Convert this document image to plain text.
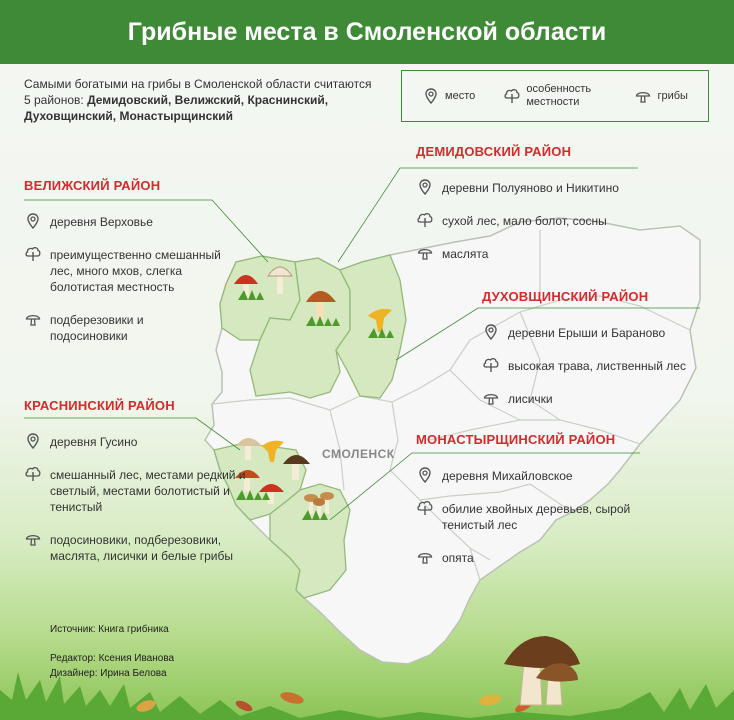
Грибные места в Смоленской области
Самыми богатыми на грибы в Смоленской области считаются 5 районов: Демидовский, Велижский, Краснинский, Духовщинский, Монастырщинский
место
особенность местности
грибы
СМОЛЕНСК
ВЕЛИЖСКИЙ РАЙОН
деревня Верховье
преимущественно смешанный лес, много мхов, слегка болотистая местность
подберезовики и подосиновики
ДЕМИДОВСКИЙ РАЙОН
деревни Полуяново и Никитино
сухой лес, мало болот, сосны
маслята
ДУХОВЩИНСКИЙ РАЙОН
деревни Ерыши и Бараново
высокая трава, лиственный лес
лисички
КРАСНИНСКИЙ РАЙОН
деревня Гусино
смешанный лес, местами редкий и светлый, местами болотистый и тенистый
подосиновики, подберезовики, маслята, лисички и белые грибы
МОНАСТЫРЩИНСКИЙ РАЙОН
деревня Михайловское
обилие хвойных деревьев, сырой тенистый лес
опята
Источник: Книга грибника
Редактор: Ксения Иванова
Дизайнер: Ирина Белова
